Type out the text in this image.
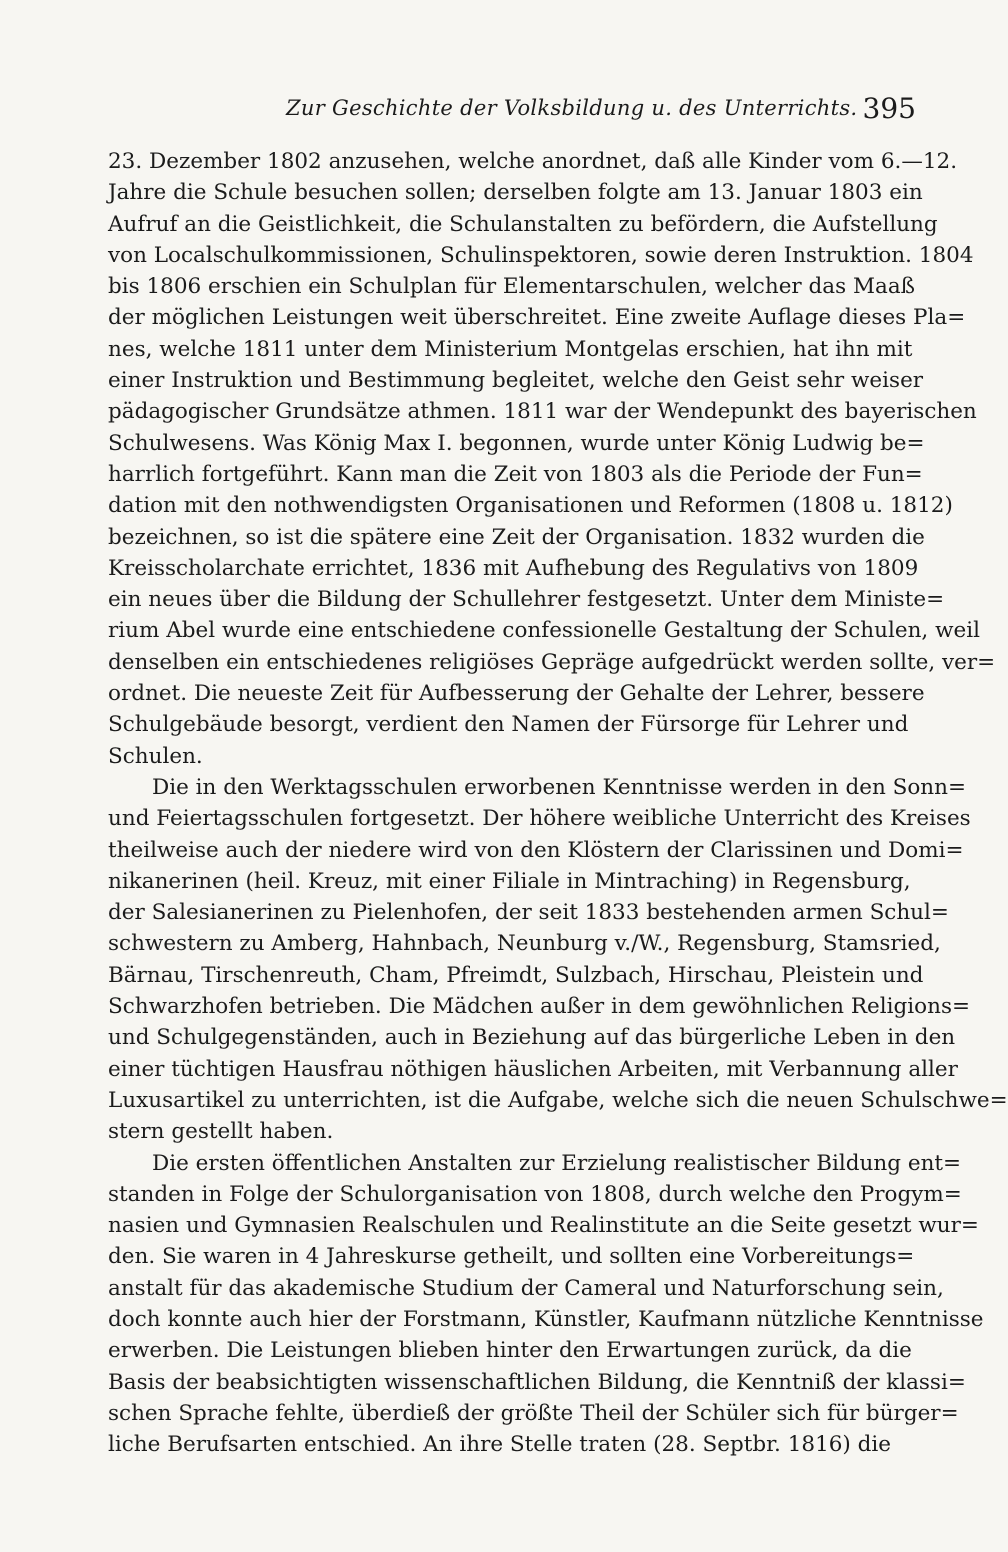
Zur Geschichte der Volksbildung u. des Unterrichts. 395
23. Dezember 1802 anzusehen, welche anordnet, daß alle Kinder vom 6.—12.
Jahre die Schule besuchen sollen; derselben folgte am 13. Januar 1803 ein
Aufruf an die Geistlichkeit, die Schulanstalten zu befördern, die Aufstellung
von Localschulkommissionen, Schulinspektoren, sowie deren Instruktion. 1804
bis 1806 erschien ein Schulplan für Elementarschulen, welcher das Maaß
der möglichen Leistungen weit überschreitet. Eine zweite Auflage dieses Pla=
nes, welche 1811 unter dem Ministerium Montgelas erschien, hat ihn mit
einer Instruktion und Bestimmung begleitet, welche den Geist sehr weiser
pädagogischer Grundsätze athmen. 1811 war der Wendepunkt des bayerischen
Schulwesens. Was König Max I. begonnen, wurde unter König Ludwig be=
harrlich fortgeführt. Kann man die Zeit von 1803 als die Periode der Fun=
dation mit den nothwendigsten Organisationen und Reformen (1808 u. 1812)
bezeichnen, so ist die spätere eine Zeit der Organisation. 1832 wurden die
Kreisscholarchate errichtet, 1836 mit Aufhebung des Regulativs von 1809
ein neues über die Bildung der Schullehrer festgesetzt. Unter dem Ministe=
rium Abel wurde eine entschiedene confessionelle Gestaltung der Schulen, weil
denselben ein entschiedenes religiöses Gepräge aufgedrückt werden sollte, ver=
ordnet. Die neueste Zeit für Aufbesserung der Gehalte der Lehrer, bessere
Schulgebäude besorgt, verdient den Namen der Fürsorge für Lehrer und
Schulen.
Die in den Werktagsschulen erworbenen Kenntnisse werden in den Sonn=
und Feiertagsschulen fortgesetzt. Der höhere weibliche Unterricht des Kreises
theilweise auch der niedere wird von den Klöstern der Clarissinen und Domi=
nikanerinen (heil. Kreuz, mit einer Filiale in Mintraching) in Regensburg,
der Salesianerinen zu Pielenhofen, der seit 1833 bestehenden armen Schul=
schwestern zu Amberg, Hahnbach, Neunburg v./W., Regensburg, Stamsried,
Bärnau, Tirschenreuth, Cham, Pfreimdt, Sulzbach, Hirschau, Pleistein und
Schwarzhofen betrieben. Die Mädchen außer in dem gewöhnlichen Religions=
und Schulgegenständen, auch in Beziehung auf das bürgerliche Leben in den
einer tüchtigen Hausfrau nöthigen häuslichen Arbeiten, mit Verbannung aller
Luxusartikel zu unterrichten, ist die Aufgabe, welche sich die neuen Schulschwe=
stern gestellt haben.
Die ersten öffentlichen Anstalten zur Erzielung realistischer Bildung ent=
standen in Folge der Schulorganisation von 1808, durch welche den Progym=
nasien und Gymnasien Realschulen und Realinstitute an die Seite gesetzt wur=
den. Sie waren in 4 Jahreskurse getheilt, und sollten eine Vorbereitungs=
anstalt für das akademische Studium der Cameral und Naturforschung sein,
doch konnte auch hier der Forstmann, Künstler, Kaufmann nützliche Kenntnisse
erwerben. Die Leistungen blieben hinter den Erwartungen zurück, da die
Basis der beabsichtigten wissenschaftlichen Bildung, die Kenntniß der klassi=
schen Sprache fehlte, überdieß der größte Theil der Schüler sich für bürger=
liche Berufsarten entschied. An ihre Stelle traten (28. Septbr. 1816) die
